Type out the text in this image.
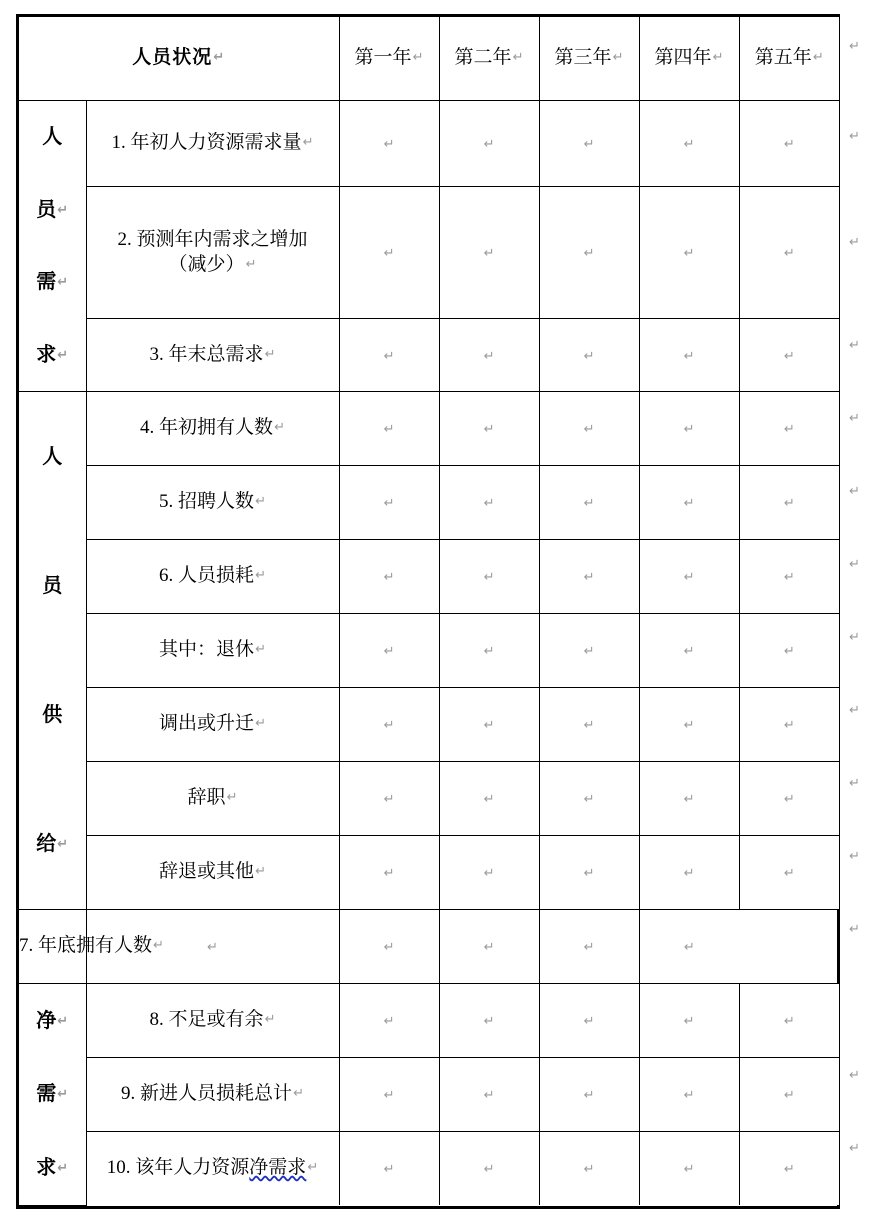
人员状况↵		第一年↵	第二年↵	第三年↵	第四年↵	第五年↵

人
员↵
需↵
求↵	1. 年初人力资源需求量↵	↵	↵	↵	↵	↵

	2. 预测年内需求之增加
（减少）↵	↵	↵	↵	↵	↵
	3. 年末总需求↵	↵	↵	↵	↵	↵

人
员
供
给↵	4. 年初拥有人数↵	↵	↵	↵	↵	↵
	5. 招聘人数↵	↵	↵	↵	↵	↵
	6. 人员损耗↵	↵	↵	↵	↵	↵
	其中：退休↵	↵	↵	↵	↵	↵
	调出或升迁↵	↵	↵	↵	↵	↵
	辞职↵	↵	↵	↵	↵	↵
	辞退或其他↵	↵	↵	↵	↵	↵
7. 年底拥有人数↵	↵	↵	↵	↵	↵	

净↵
需↵
求↵	8. 不足或有余↵	↵	↵	↵	↵	↵
	9. 新进人员损耗总计↵	↵	↵	↵	↵	↵
	10. 该年人力资源净需求↵	↵	↵	↵	↵	↵
↵
↵
↵
↵
↵
↵
↵
↵
↵
↵
↵
↵
↵
↵
